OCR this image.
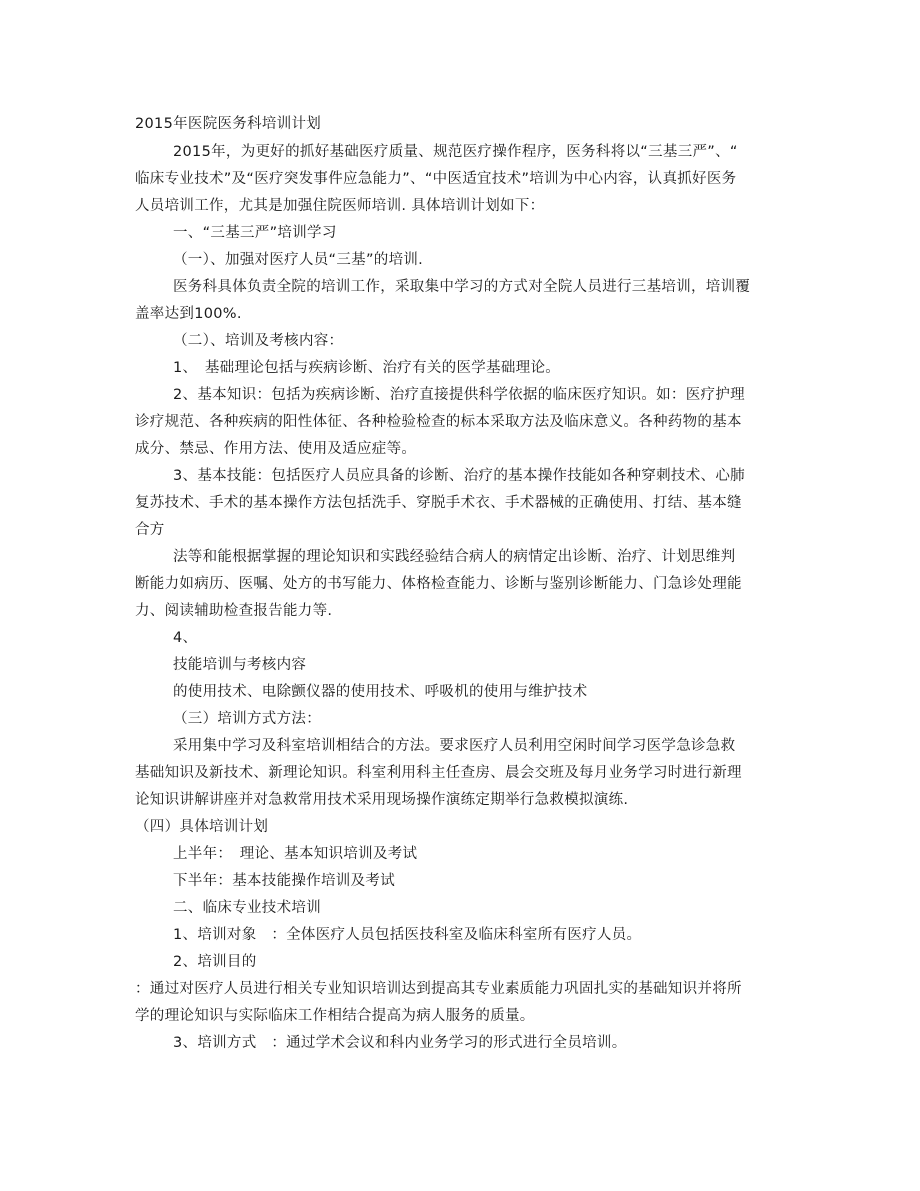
2015年医院医务科培训计划
2015年，为更好的抓好基础医疗质量、规范医疗操作程序，医务科将以“三基三严”、“
临床专业技术”及“医疗突发事件应急能力”、“中医适宜技术”培训为中心内容，认真抓好医务
人员培训工作，尤其是加强住院医师培训. 具体培训计划如下：
一、“三基三严”培训学习
（一）、加强对医疗人员“三基”的培训.
医务科具体负责全院的培训工作，采取集中学习的方式对全院人员进行三基培训，培训覆
盖率达到100%.
（二）、培训及考核内容：
1、　基础理论包括与疾病诊断、治疗有关的医学基础理论。
2、基本知识：包括为疾病诊断、治疗直接提供科学依据的临床医疗知识。如：医疗护理
诊疗规范、各种疾病的阳性体征、各种检验检查的标本采取方法及临床意义。各种药物的基本
成分、禁忌、作用方法、使用及适应症等。
3、基本技能：包括医疗人员应具备的诊断、治疗的基本操作技能如各种穿刺技术、心肺
复苏技术、手术的基本操作方法包括洗手、穿脱手术衣、手术器械的正确使用、打结、基本缝
合方
法等和能根据掌握的理论知识和实践经验结合病人的病情定出诊断、治疗、计划思维判
断能力如病历、医嘱、处方的书写能力、体格检查能力、诊断与鉴别诊断能力、门急诊处理能
力、阅读辅助检查报告能力等.
4、
技能培训与考核内容
的使用技术、电除颤仪器的使用技术、呼吸机的使用与维护技术
（三）培训方式方法：
采用集中学习及科室培训相结合的方法。要求医疗人员利用空闲时间学习医学急诊急救
基础知识及新技术、新理论知识。科室利用科主任查房、晨会交班及每月业务学习时进行新理
论知识讲解讲座并对急救常用技术采用现场操作演练定期举行急救模拟演练.
（四）具体培训计划
上半年：　理论、基本知识培训及考试
下半年：基本技能操作培训及考试
二、临床专业技术培训
1、培训对象　：全体医疗人员包括医技科室及临床科室所有医疗人员。
2、培训目的
：通过对医疗人员进行相关专业知识培训达到提高其专业素质能力巩固扎实的基础知识并将所
学的理论知识与实际临床工作相结合提高为病人服务的质量。
3、培训方式　：通过学术会议和科内业务学习的形式进行全员培训。
